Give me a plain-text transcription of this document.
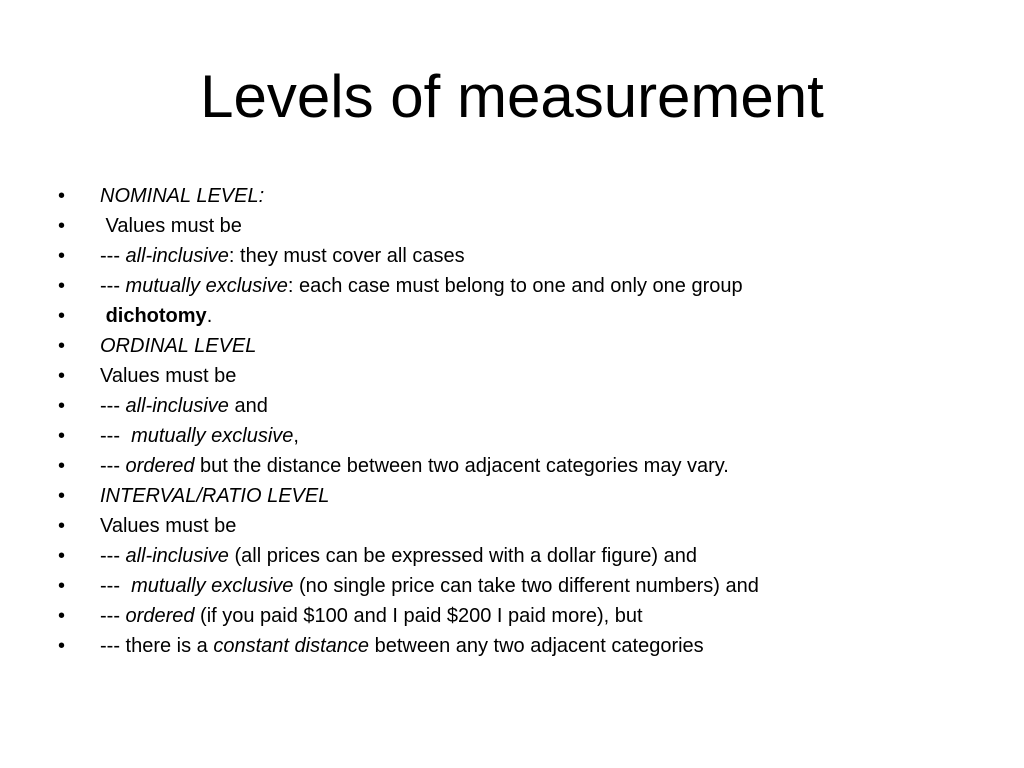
Levels of measurement
•	NOMINAL LEVEL:
•	Values must be
•	--- all-inclusive: they must cover all cases
•	--- mutually exclusive: each case must belong to one and only one group
•	dichotomy.
•	ORDINAL LEVEL
•	Values must be
•	--- all-inclusive and
•	---  mutually exclusive,
•	--- ordered but the distance between two adjacent categories may vary.
•	INTERVAL/RATIO LEVEL
•	Values must be
•	--- all-inclusive (all prices can be expressed with a dollar figure) and
•	---  mutually exclusive (no single price can take two different numbers) and
•	--- ordered (if you paid $100 and I paid $200 I paid more), but
•	--- there is a constant distance between any two adjacent categories
